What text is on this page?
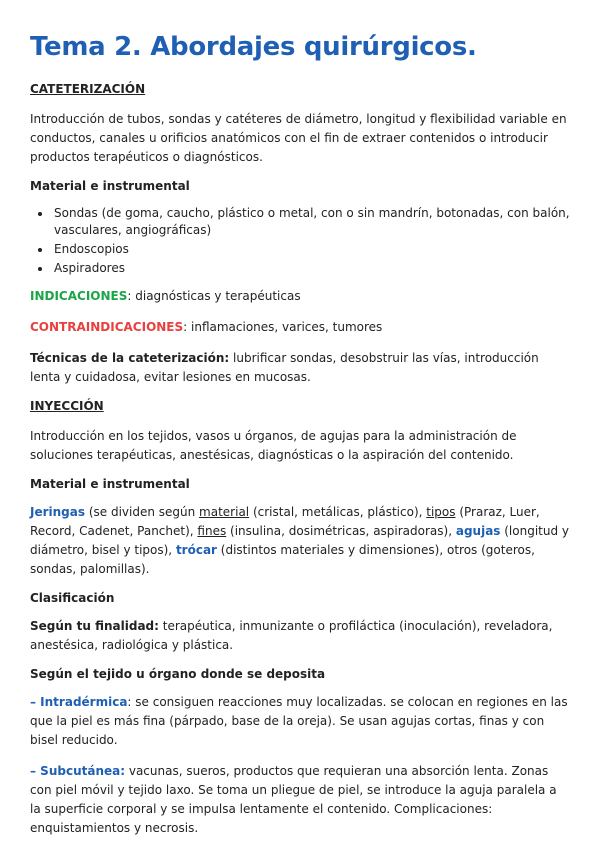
Tema 2. Abordajes quirúrgicos.
CATETERIZACIÓN

Introducción de tubos, sondas y catéteres de diámetro, longitud y flexibilidad variable en conductos, canales u orificios anatómicos con el fin de extraer contenidos o introducir productos terapéuticos o diagnósticos.

Material e instrumental
• Sondas (de goma, caucho, plástico o metal, con o sin mandrín, botonadas, con balón, vasculares, angiográficas)
• Endoscopios
• Aspiradores

INDICACIONES: diagnósticas y terapéuticas

CONTRAINDICACIONES: inflamaciones, varices, tumores

Técnicas de la cateterización: lubrificar sondas, desobstruir las vías, introducción lenta y cuidadosa, evitar lesiones en mucosas.

INYECCIÓN

Introducción en los tejidos, vasos u órganos, de agujas para la administración de soluciones terapéuticas, anestésicas, diagnósticas o la aspiración del contenido.

Material e instrumental

Jeringas (se dividen según material (cristal, metálicas, plástico), tipos (Praraz, Luer, Record, Cadenet, Panchet), fines (insulina, dosimétricas, aspiradoras), agujas (longitud y diámetro, bisel y tipos), trócar (distintos materiales y dimensiones), otros (goteros, sondas, palomillas).

Clasificación

Según tu finalidad: terapéutica, inmunizante o profiláctica (inoculación), reveladora, anestésica, radiológica y plástica.

Según el tejido u órgano donde se deposita

– Intradérmica: se consiguen reacciones muy localizadas. se colocan en regiones en las que la piel es más fina (párpado, base de la oreja). Se usan agujas cortas, finas y con bisel reducido.

– Subcutánea: vacunas, sueros, productos que requieran una absorción lenta. Zonas con piel móvil y tejido laxo. Se toma un pliegue de piel, se introduce la aguja paralela a la superficie corporal y se impulsa lentamente el contenido. Complicaciones: enquistamientos y necrosis.
